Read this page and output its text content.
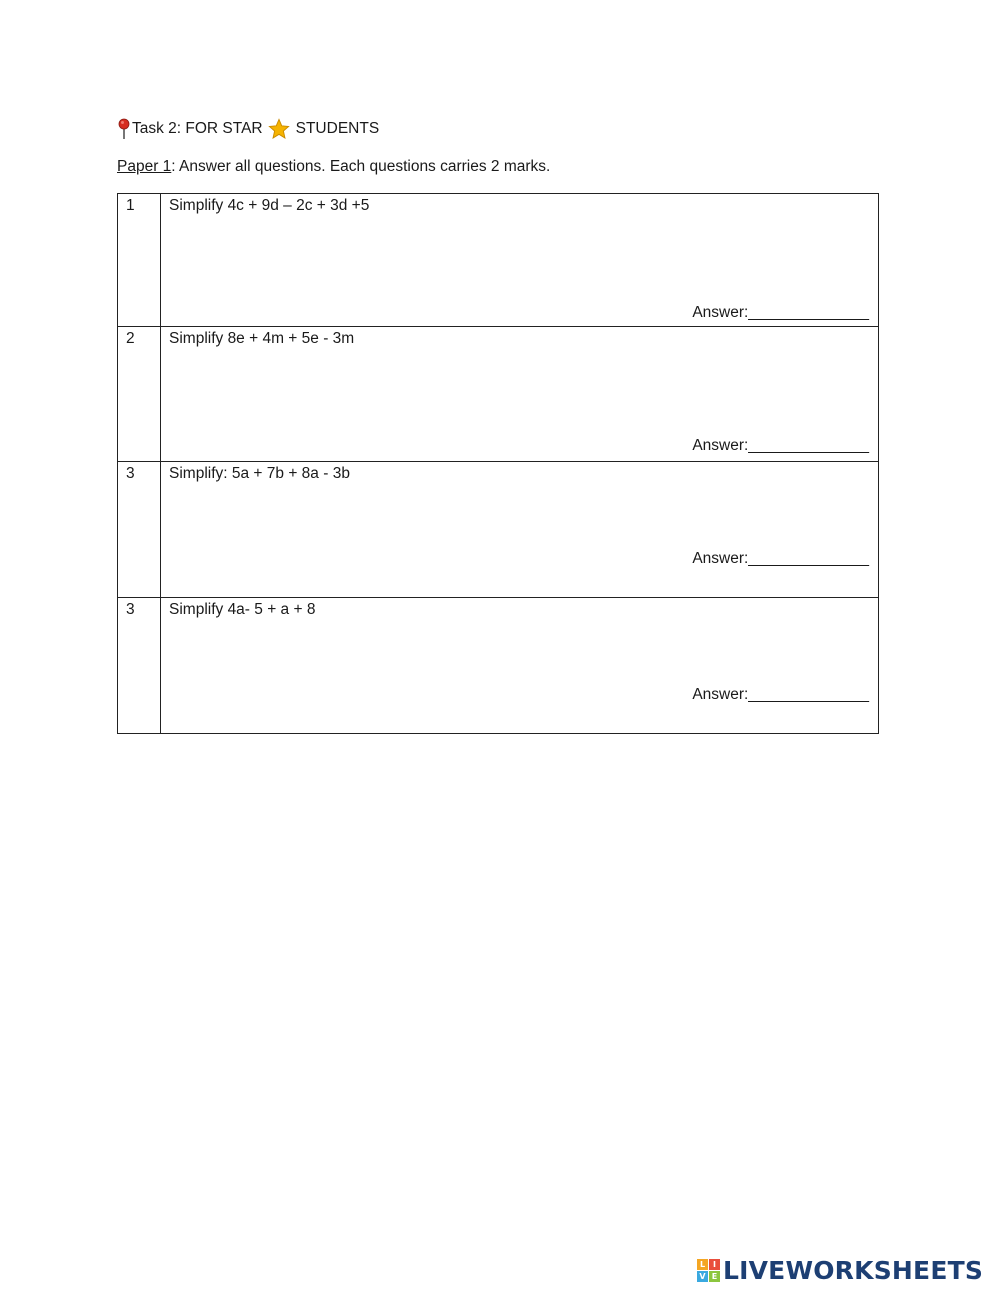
Task 2: FOR STAR STUDENTS
Paper 1: Answer all questions. Each questions carries 2 marks.
1	Simplify 4c + 9d – 2c + 3d +5
Answer:______________

2	Simplify 8e + 4m + 5e - 3m
Answer:______________

3	Simplify: 5a + 7b + 8a - 3b
Answer:______________

3	Simplify 4a- 5 + a + 8
Answer:______________
L I
V E LIVEWORKSHEETS
